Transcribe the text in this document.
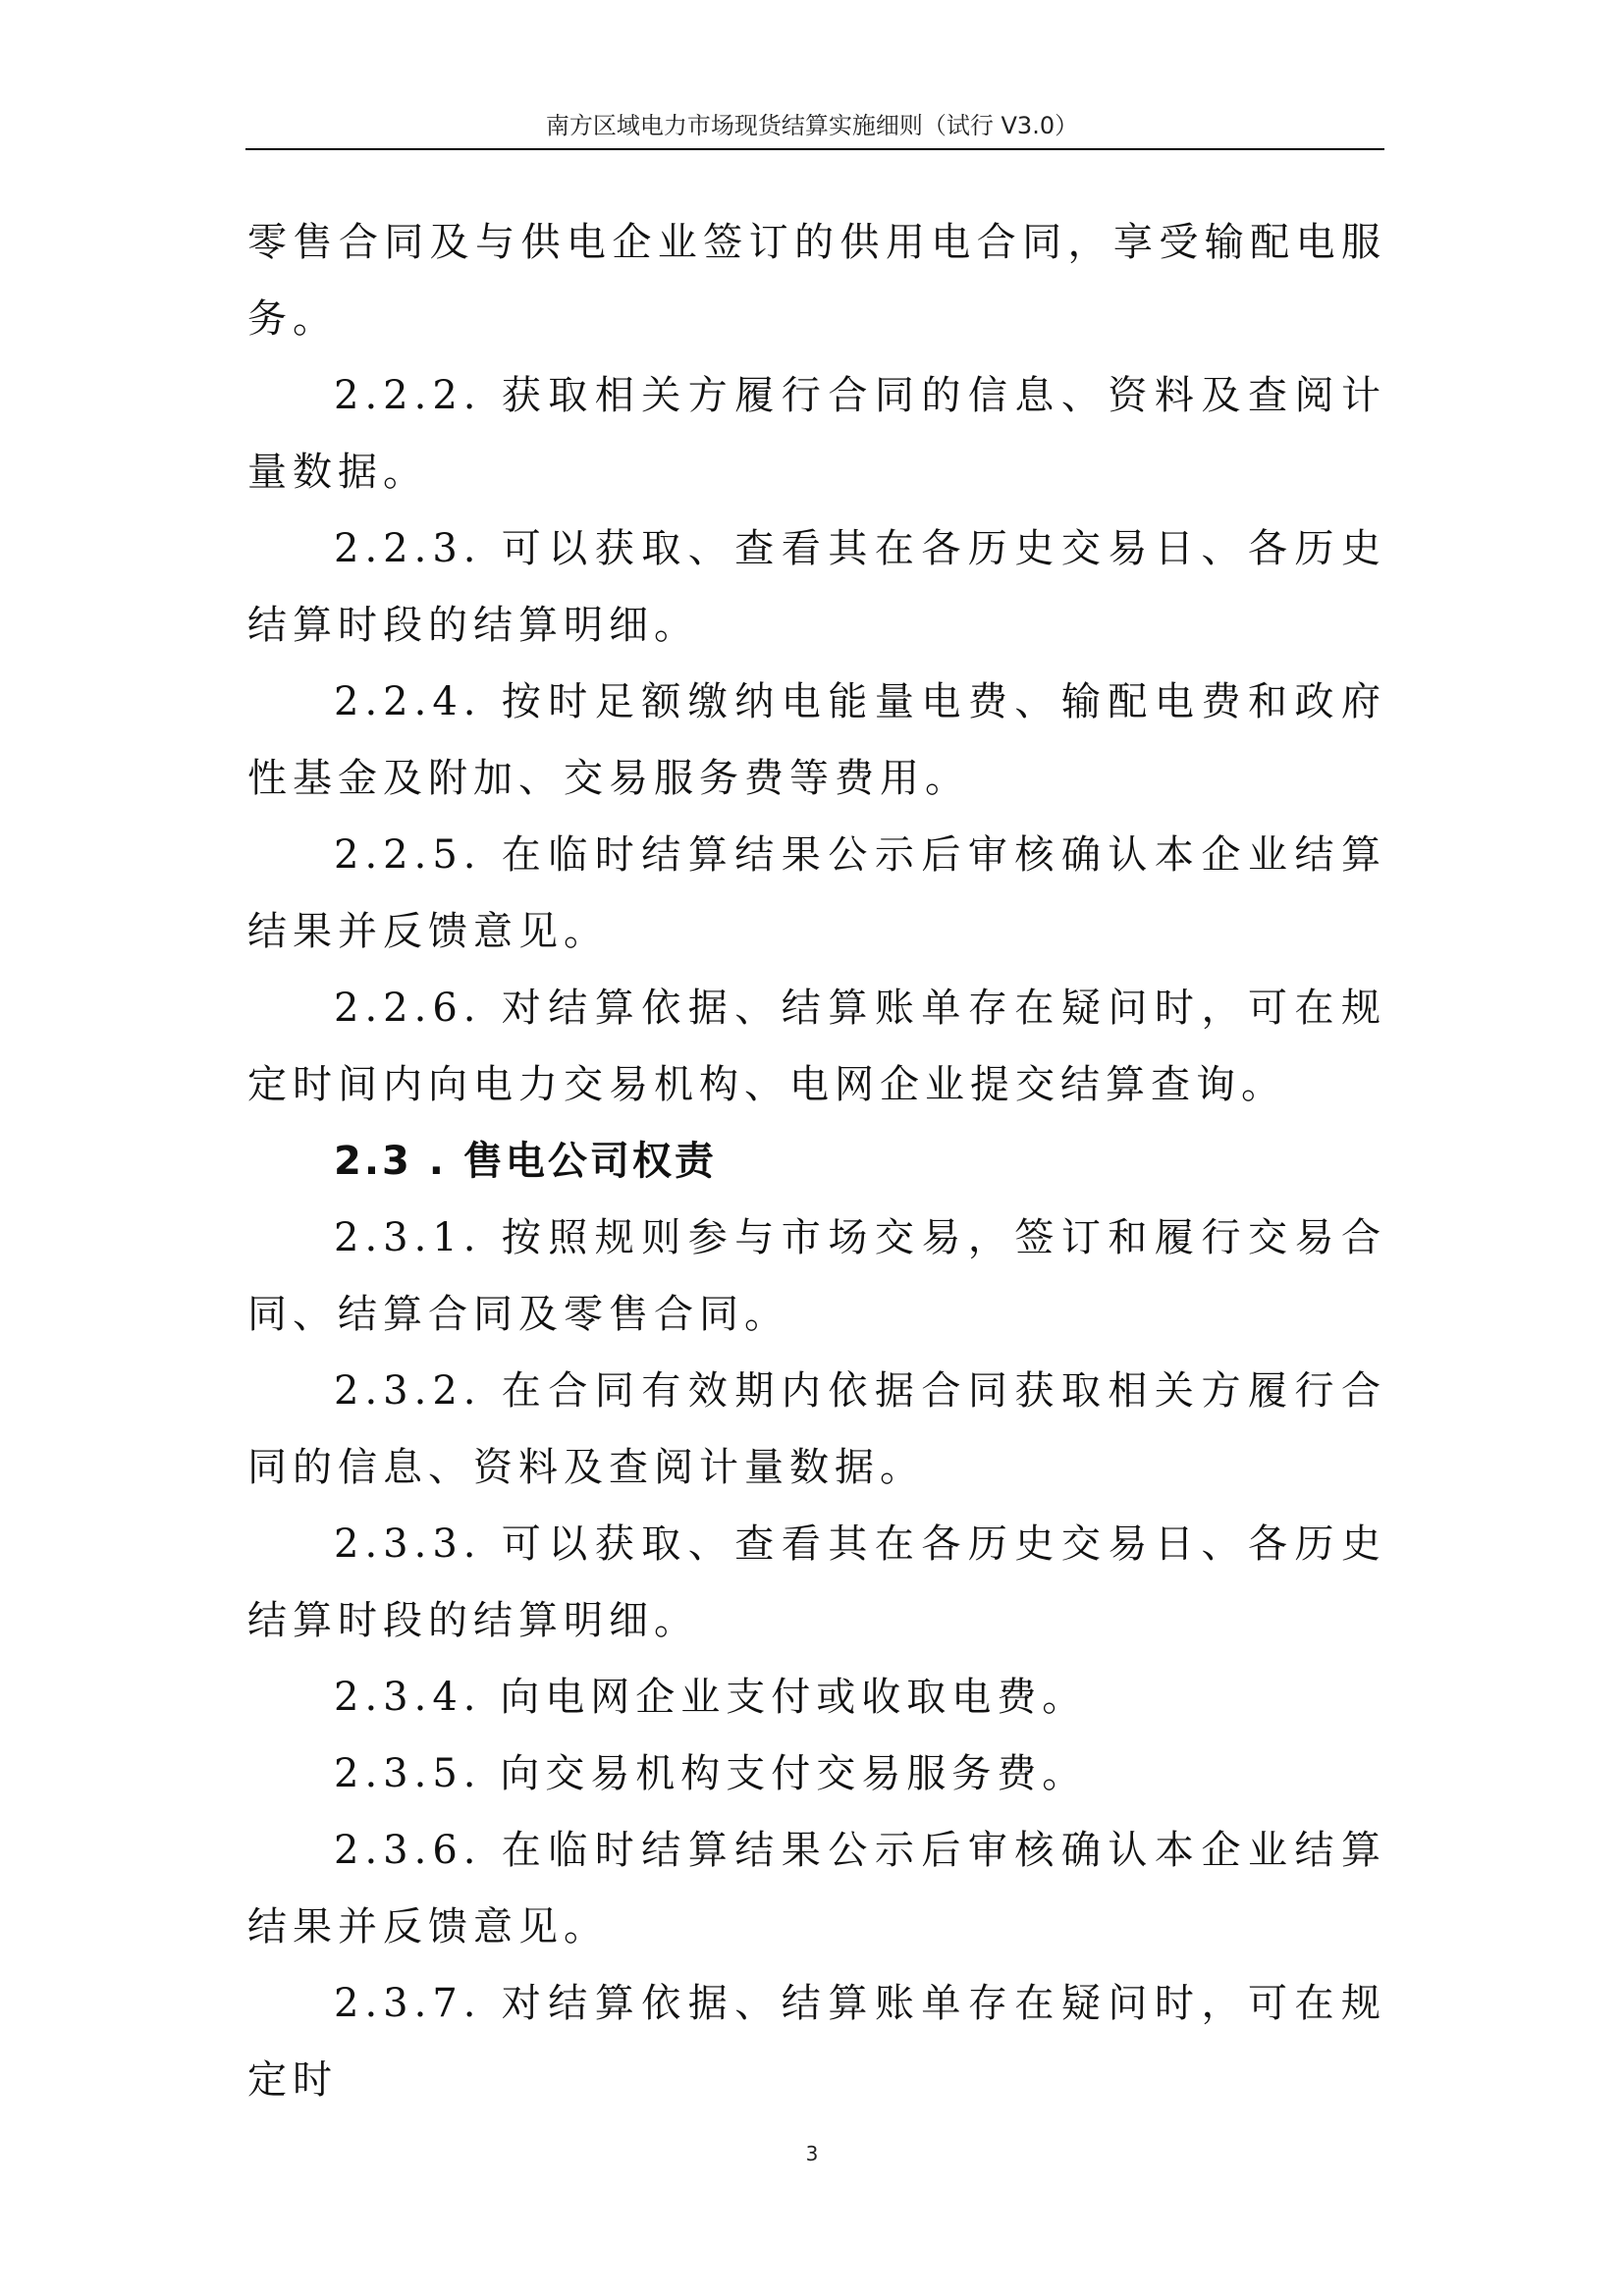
南方区域电力市场现货结算实施细则（试行 V3.0）

零售合同及与供电企业签订的供用电合同，享受输配电服务。

2.2.2. 获取相关方履行合同的信息、资料及查阅计量数据。

2.2.3. 可以获取、查看其在各历史交易日、各历史结算时段的结算明细。

2.2.4. 按时足额缴纳电能量电费、输配电费和政府性基金及附加、交易服务费等费用。

2.2.5. 在临时结算结果公示后审核确认本企业结算结果并反馈意见。

2.2.6. 对结算依据、结算账单存在疑问时，可在规定时间内向电力交易机构、电网企业提交结算查询。

2.3 . 售电公司权责

2.3.1. 按照规则参与市场交易，签订和履行交易合同、结算合同及零售合同。

2.3.2. 在合同有效期内依据合同获取相关方履行合同的信息、资料及查阅计量数据。

2.3.3. 可以获取、查看其在各历史交易日、各历史结算时段的结算明细。

2.3.4. 向电网企业支付或收取电费。

2.3.5. 向交易机构支付交易服务费。

2.3.6. 在临时结算结果公示后审核确认本企业结算结果并反馈意见。

2.3.7. 对结算依据、结算账单存在疑问时，可在规定时

3
